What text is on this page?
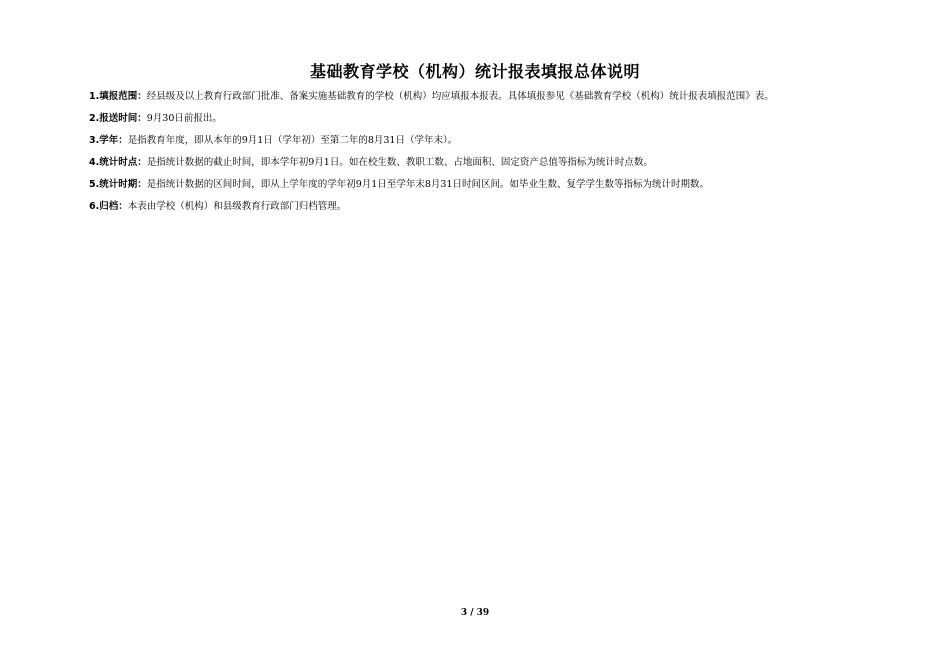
基础教育学校（机构）统计报表填报总体说明
1.填报范围：经县级及以上教育行政部门批准、备案实施基础教育的学校（机构）均应填报本报表。具体填报参见《基础教育学校（机构）统计报表填报范围》表。
2.报送时间：9月30日前报出。
3.学年：是指教育年度，即从本年的9月1日（学年初）至第二年的8月31日（学年末）。
4.统计时点：是指统计数据的截止时间，即本学年初9月1日。如在校生数、教职工数、占地面积、固定资产总值等指标为统计时点数。
5.统计时期：是指统计数据的区间时间，即从上学年度的学年初9月1日至学年末8月31日时间区间。如毕业生数、复学学生数等指标为统计时期数。
6.归档：本表由学校（机构）和县级教育行政部门归档管理。
3 / 39
